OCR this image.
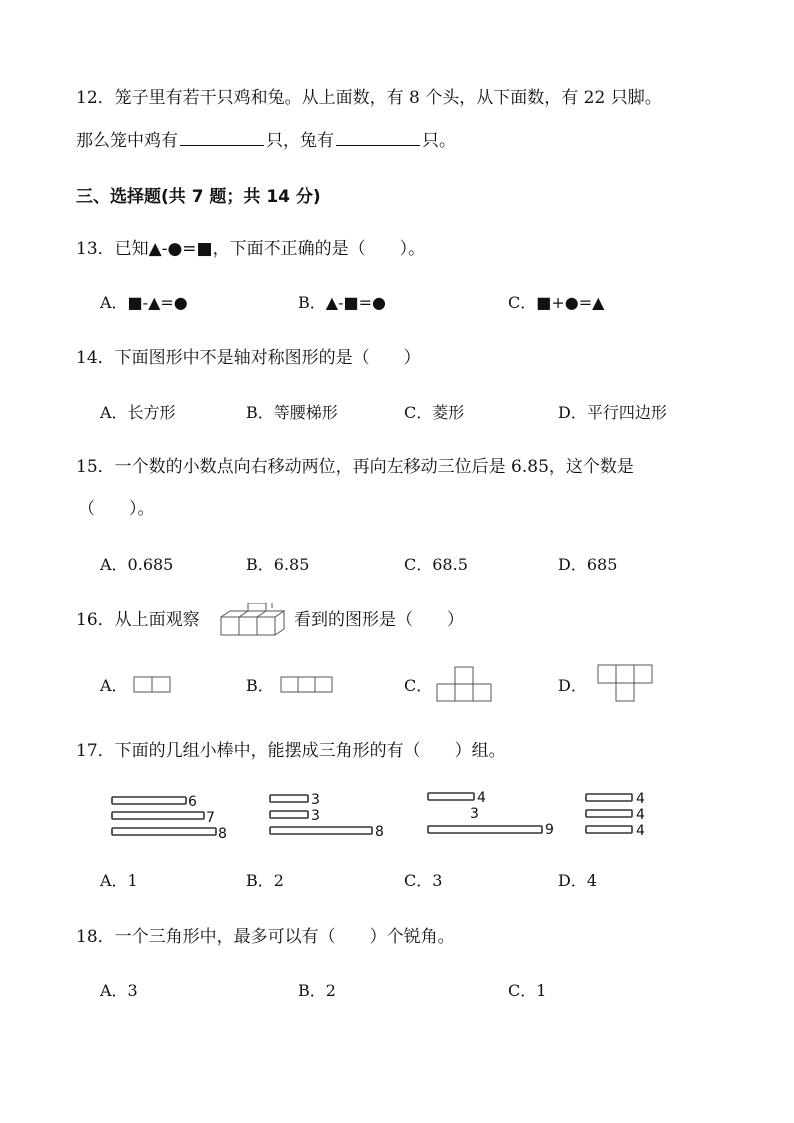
12．笼子里有若干只鸡和兔。从上面数，有 8 个头，从下面数，有 22 只脚。
那么笼中鸡有	只，兔有	只。
三、选择题(共 7 题；共 14 分)
13．已知▲-●=■，下面不正确的是（　　）。
A．■-▲=●	B．▲-■=●	C．■+●=▲
14．下面图形中不是轴对称图形的是（　　）
A．长方形	B．等腰梯形	C．菱形	D．平行四边形
15．一个数的小数点向右移动两位，再向左移动三位后是 6.85，这个数是
（　　）。
A．0.685	B．6.85	C．68.5	D．685
16．从上面观察	看到的图形是（　　）
A．	B．	C．	D．
17．下面的几组小棒中，能摆成三角形的有（　　）组。
6
7
8
3
3
8
4
3
9
4
4
4
A．1	B．2	C．3	D．4
18．一个三角形中，最多可以有（　　）个锐角。
A．3	B．2	C．1
